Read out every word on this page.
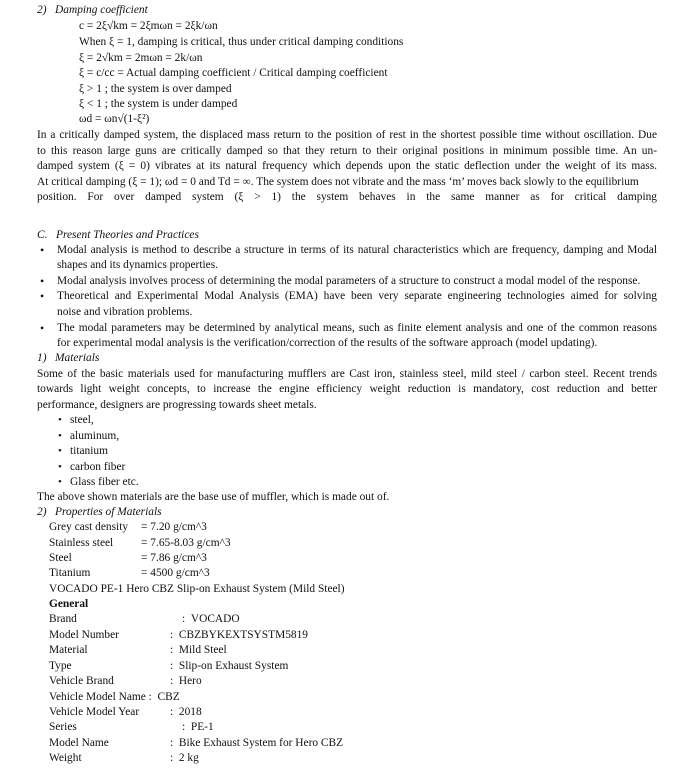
2) Damping coefficient
c = 2ξ√km = 2ξmωn = 2ξk/ωn
When ξ = 1, damping is critical, thus under critical damping conditions
ξ = 2√km = 2mωn = 2k/ωn
ξ = c/cc = Actual damping coefficient / Critical damping coefficient
ξ > 1 ; the system is over damped
ξ < 1 ; the system is under damped
ωd = ωn√(1-ξ²)
In a critically damped system, the displaced mass return to the position of rest in the shortest possible time without oscillation. Due
to this reason large guns are critically damped so that they return to their original positions in minimum possible time. An un-
damped system (ξ = 0) vibrates at its natural frequency which depends upon the static deflection under the weight of its mass.
At critical damping (ξ = 1); ωd = 0 and Td = ∞. The system does not vibrate and the mass ‘m’ moves back slowly to the equilibrium
position. For over damped system (ξ > 1) the system behaves in the same manner as for critical damping
C. Present Theories and Practices
• Modal analysis is method to describe a structure in terms of its natural characteristics which are frequency, damping and Modal
shapes and its dynamics properties.
• Modal analysis involves process of determining the modal parameters of a structure to construct a modal model of the response.
• Theoretical and Experimental Modal Analysis (EMA) have been very separate engineering technologies aimed for solving
noise and vibration problems.
• The modal parameters may be determined by analytical means, such as finite element analysis and one of the common reasons
for experimental modal analysis is the verification/correction of the results of the software approach (model updating).
1) Materials
Some of the basic materials used for manufacturing mufflers are Cast iron, stainless steel, mild steel / carbon steel. Recent trends
towards light weight concepts, to increase the engine efficiency weight reduction is mandatory, cost reduction and better
performance, designers are progressing towards sheet metals.
• steel,
• aluminum,
• titanium
• carbon fiber
• Glass fiber etc.
The above shown materials are the base use of muffler, which is made out of.
2) Properties of Materials
Grey cast density = 7.20 g/cm^3
Stainless steel = 7.65-8.03 g/cm^3
Steel	= 7.86 g/cm^3
Titanium	= 4500 g/cm^3
VOCADO PE-1 Hero CBZ Slip-on Exhaust System (Mild Steel)
General
Brand	:  VOCADO
Model Number	:  CBZBYKEXTSYSTM5819
Material	:  Mild Steel
Type	:  Slip-on Exhaust System
Vehicle Brand	:  Hero
Vehicle Model Name :  CBZ
Vehicle Model Year	:  2018
Series	:  PE-1
Model Name	:  Bike Exhaust System for Hero CBZ
Weight	:  2 kg
